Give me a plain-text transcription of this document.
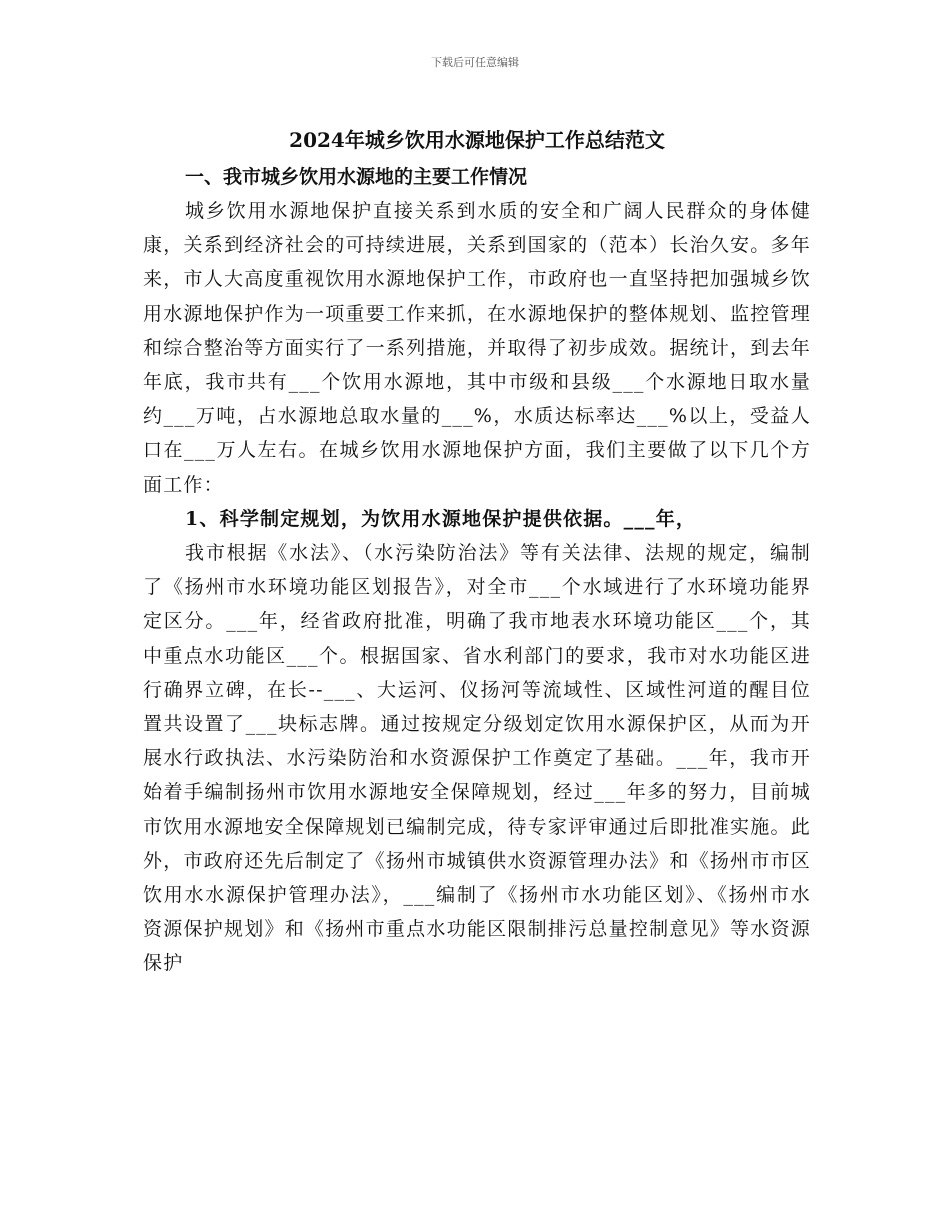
下载后可任意编辑
2024年城乡饮用水源地保护工作总结范文

一、我市城乡饮用水源地的主要工作情况

城乡饮用水源地保护直接关系到水质的安全和广阔人民群众的身体健康，关系到经济社会的可持续进展，关系到国家的（范本）长治久安。多年来，市人大高度重视饮用水源地保护工作，市政府也一直坚持把加强城乡饮用水源地保护作为一项重要工作来抓，在水源地保护的整体规划、监控管理和综合整治等方面实行了一系列措施，并取得了初步成效。据统计，到去年年底，我市共有___个饮用水源地，其中市级和县级___个水源地日取水量约___万吨，占水源地总取水量的___%，水质达标率达___%以上，受益人口在___万人左右。在城乡饮用水源地保护方面，我们主要做了以下几个方面工作：

1、科学制定规划，为饮用水源地保护提供依据。___年，

我市根据《水法》、（水污染防治法》等有关法律、法规的规定，编制了《扬州市水环境功能区划报告》，对全市___个水域进行了水环境功能界定区分。___年，经省政府批准，明确了我市地表水环境功能区___个，其中重点水功能区___个。根据国家、省水利部门的要求，我市对水功能区进行确界立碑，在长--___、大运河、仪扬河等流域性、区域性河道的醒目位置共设置了___块标志牌。通过按规定分级划定饮用水源保护区，从而为开展水行政执法、水污染防治和水资源保护工作奠定了基础。___年，我市开始着手编制扬州市饮用水源地安全保障规划，经过___年多的努力，目前城市饮用水源地安全保障规划已编制完成，待专家评审通过后即批准实施。此外，市政府还先后制定了《扬州市城镇供水资源管理办法》和《扬州市市区饮用水水源保护管理办法》，___编制了《扬州市水功能区划》、《扬州市水资源保护规划》和《扬州市重点水功能区限制排污总量控制意见》等水资源保护
